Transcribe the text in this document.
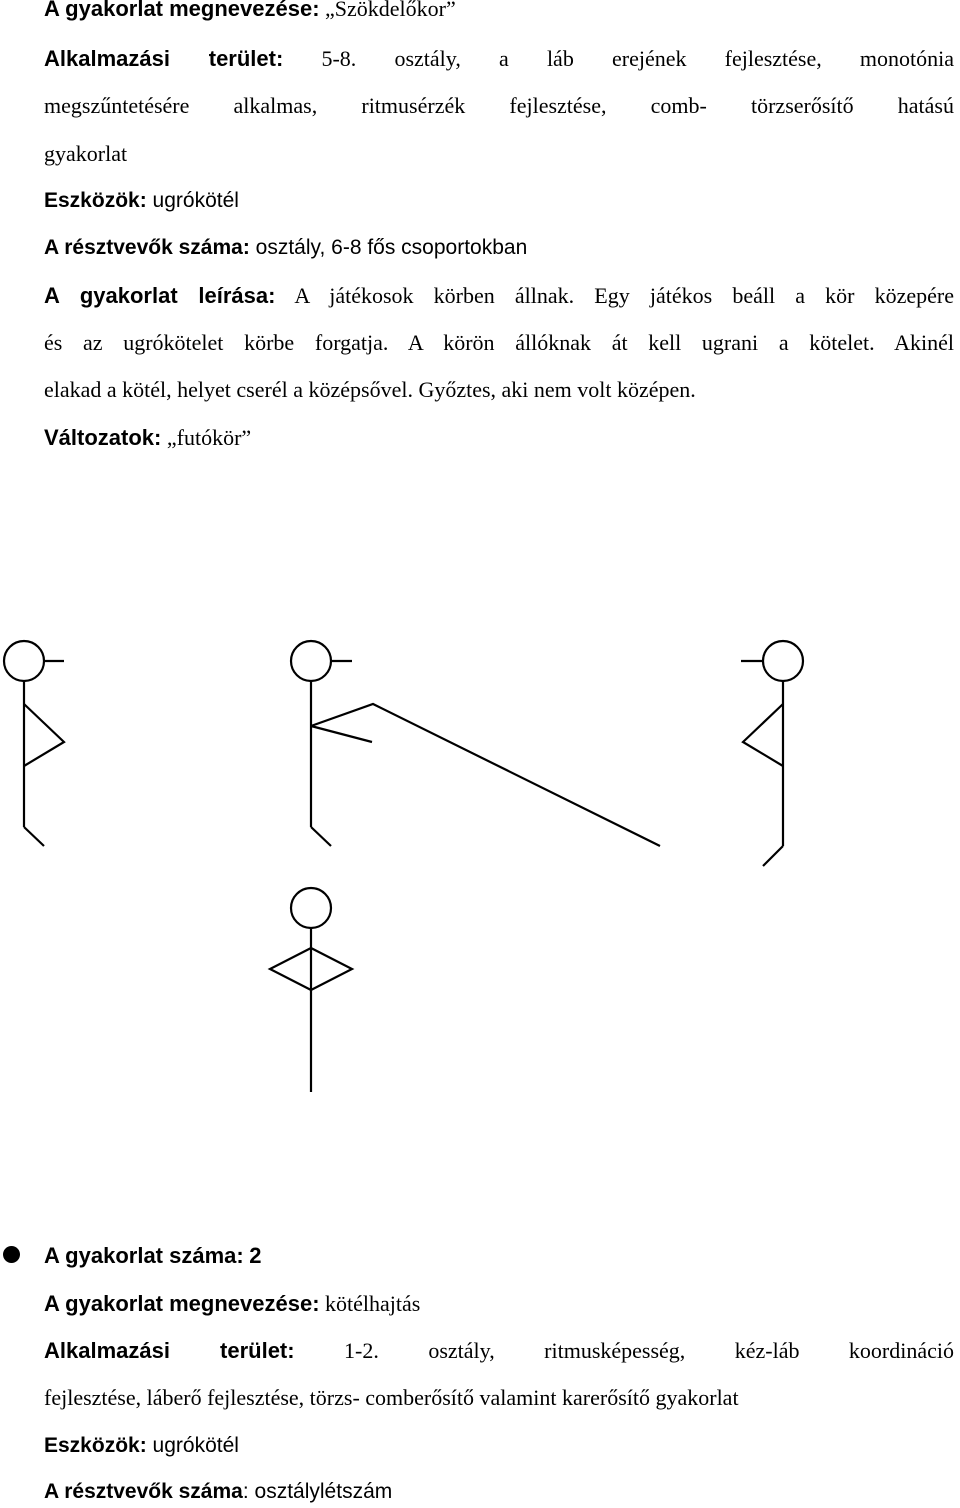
A gyakorlat megnevezése: „Szökdelőkor”
Alkalmazási terület: 5-8. osztály, a láb erejének fejlesztése, monotónia
megszűntetésére alkalmas, ritmusérzék fejlesztése, comb- törzserősítő hatású
gyakorlat
Eszközök: ugrókötél
A résztvevők száma: osztály, 6-8 fős csoportokban
A gyakorlat leírása: A játékosok körben állnak. Egy játékos beáll a kör közepére
és az ugrókötelet körbe forgatja. A körön állóknak át kell ugrani a kötelet. Akinél
elakad a kötél, helyet cserél a középsővel. Győztes, aki nem volt középen.
Változatok: „futókör”
A gyakorlat száma: 2
A gyakorlat megnevezése: kötélhajtás
Alkalmazási terület: 1-2. osztály, ritmusképesség, kéz-láb koordináció
fejlesztése, láberő fejlesztése, törzs- comberősítő valamint karerősítő gyakorlat
Eszközök: ugrókötél
A résztvevők száma: osztálylétszám
